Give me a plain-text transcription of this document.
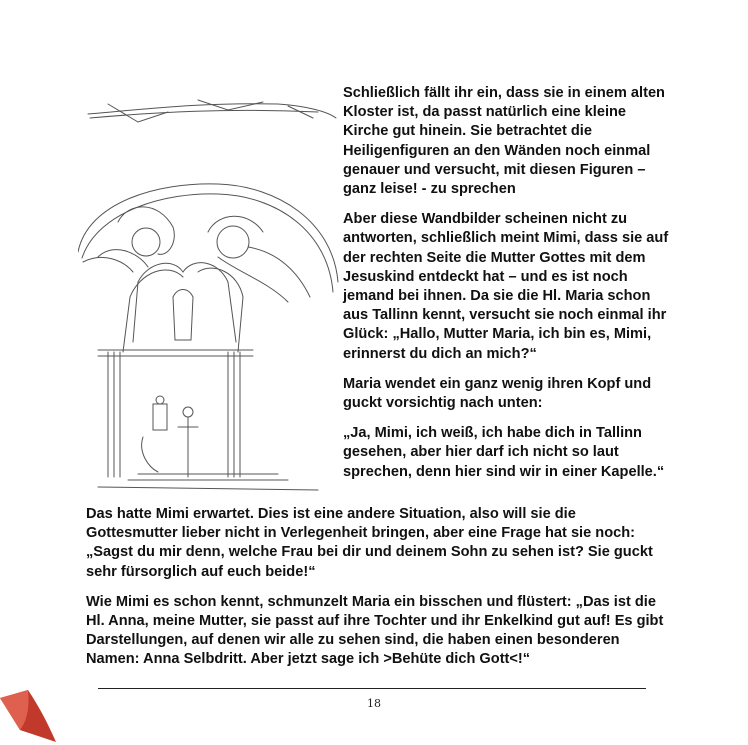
Schließlich fällt ihr ein, dass sie in einem alten Kloster ist, da passt natürlich eine kleine Kirche gut hinein. Sie betrachtet die Heiligenfiguren an den Wänden noch einmal genauer und versucht, mit diesen Figuren – ganz leise! - zu sprechen

Aber diese Wandbilder scheinen nicht zu antworten, schließlich meint Mimi, dass sie auf der rechten Seite die Mutter Gottes mit dem Jesuskind entdeckt hat – und es ist noch jemand bei ihnen. Da sie die Hl. Maria schon aus Tallinn kennt, versucht sie noch einmal ihr Glück: „Hallo, Mutter Maria, ich bin es, Mimi, erinnerst du dich an mich?“

Maria wendet ein ganz wenig ihren Kopf und guckt vorsichtig nach unten:

„Ja, Mimi, ich weiß, ich habe dich in Tallinn gesehen, aber hier darf ich nicht so laut sprechen, denn hier sind wir in einer Kapelle.“

Das hatte Mimi erwartet. Dies ist eine andere Situation, also will sie die Gottesmutter lieber nicht in Verlegenheit bringen, aber eine Frage hat sie noch: „Sagst du mir denn, welche Frau bei dir und deinem Sohn zu sehen ist? Sie guckt sehr fürsorglich auf euch beide!“

Wie Mimi es schon kennt, schmunzelt Maria ein bisschen und flüstert: „Das ist die Hl. Anna, meine Mutter, sie passt auf ihre Tochter und ihr Enkelkind gut auf! Es gibt Darstellungen, auf denen wir alle zu sehen sind, die haben einen besonderen Namen: Anna Selbdritt. Aber jetzt sage ich >Behüte dich Gott<!“

18
